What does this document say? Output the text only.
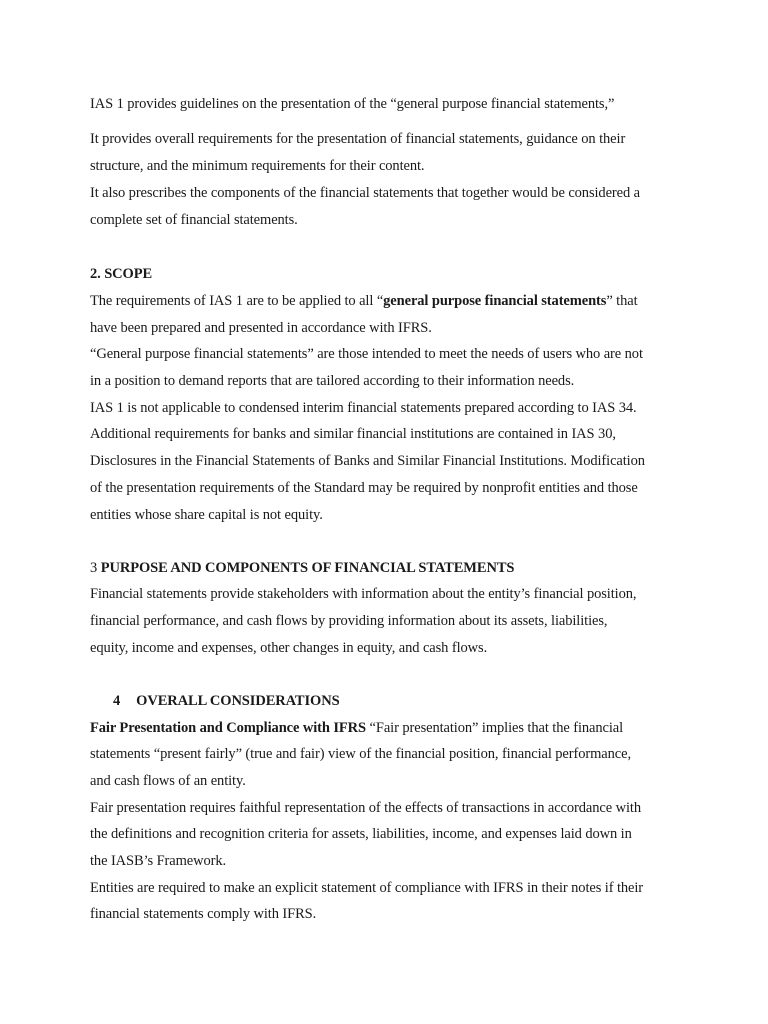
IAS 1 provides guidelines on the presentation of the “general purpose financial statements,”
It provides overall requirements for the presentation of financial statements, guidance on their
structure, and the minimum requirements for their content.
It also prescribes the components of the financial statements that together would be considered a
complete set of financial statements.
2. SCOPE
The requirements of IAS 1 are to be applied to all “general purpose financial statements” that
have been prepared and presented in accordance with IFRS.
“General purpose financial statements” are those intended to meet the needs of users who are not
in a position to demand reports that are tailored according to their information needs.
IAS 1 is not applicable to condensed interim financial statements prepared according to IAS 34.
Additional requirements for banks and similar financial institutions are contained in IAS 30,
Disclosures in the Financial Statements of Banks and Similar Financial Institutions. Modification
of the presentation requirements of the Standard may be required by nonprofit entities and those
entities whose share capital is not equity.
3 PURPOSE AND COMPONENTS OF FINANCIAL STATEMENTS
Financial statements provide stakeholders with information about the entity’s financial position,
financial performance, and cash flows by providing information about its assets, liabilities,
equity, income and expenses, other changes in equity, and cash flows.
4 OVERALL CONSIDERATIONS
Fair Presentation and Compliance with IFRS “Fair presentation” implies that the financial
statements “present fairly” (true and fair) view of the financial position, financial performance,
and cash flows of an entity.
Fair presentation requires faithful representation of the effects of transactions in accordance with
the definitions and recognition criteria for assets, liabilities, income, and expenses laid down in
the IASB’s Framework.
Entities are required to make an explicit statement of compliance with IFRS in their notes if their
financial statements comply with IFRS.
